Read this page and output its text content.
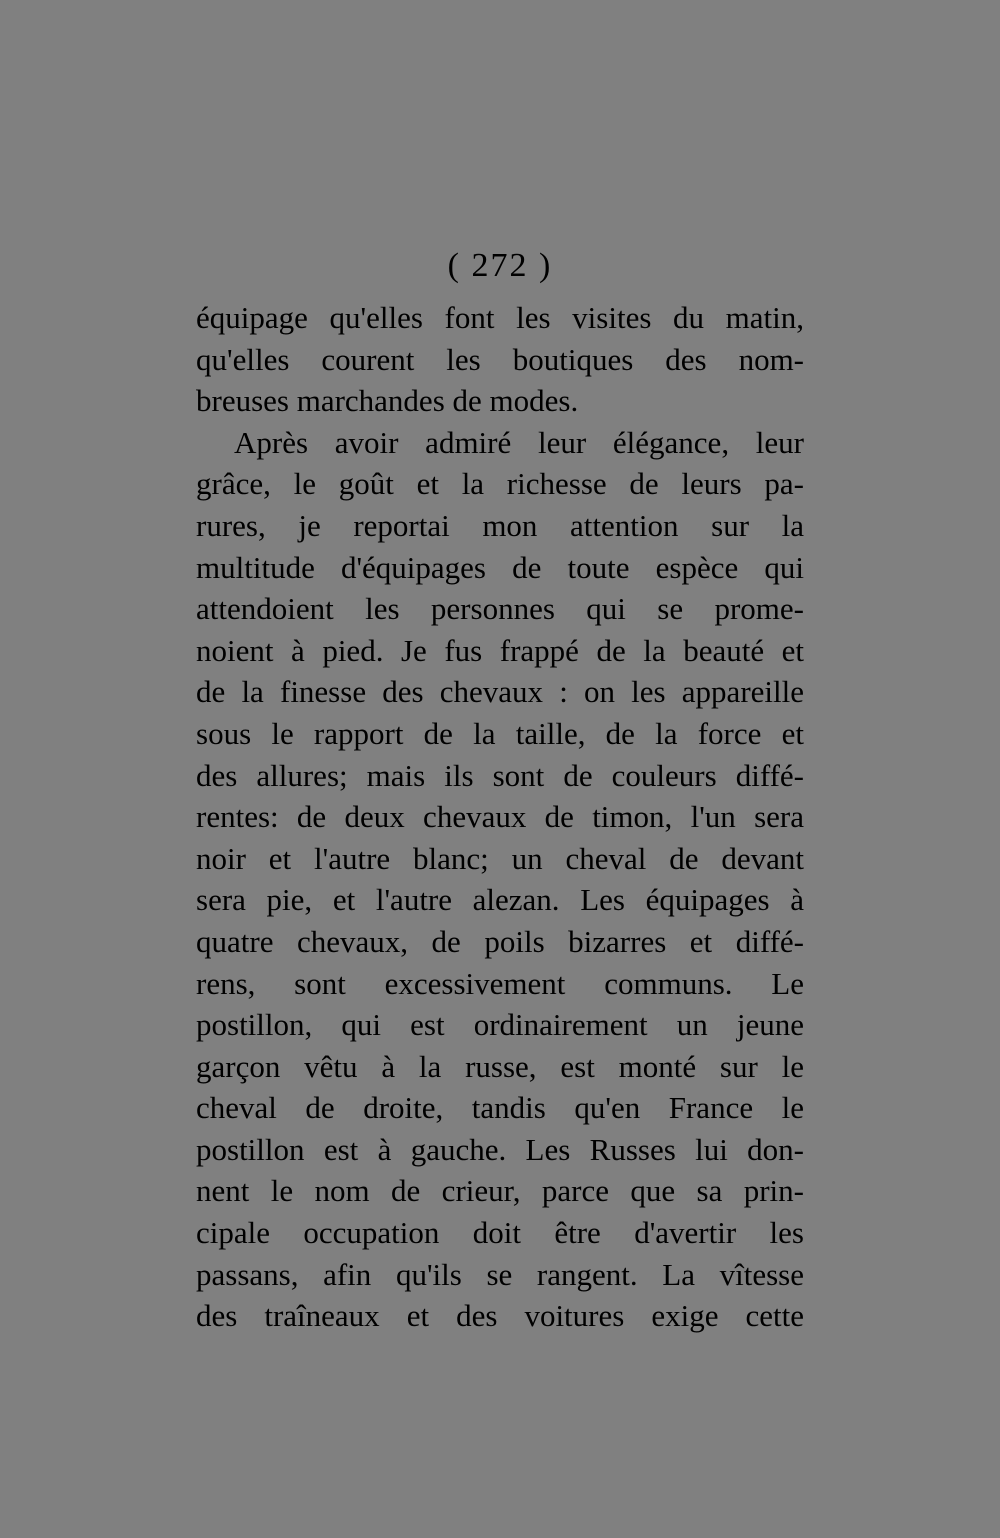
( 272 )
équipage qu'elles font les visites du matin,
qu'elles courent les boutiques des nom-
breuses marchandes de modes.
Après avoir admiré leur élégance, leur
grâce, le goût et la richesse de leurs pa-
rures, je reportai mon attention sur la
multitude d'équipages de toute espèce qui
attendoient les personnes qui se prome-
noient à pied. Je fus frappé de la beauté et
de la finesse des chevaux : on les appareille
sous le rapport de la taille, de la force et
des allures; mais ils sont de couleurs diffé-
rentes: de deux chevaux de timon, l'un sera
noir et l'autre blanc; un cheval de devant
sera pie, et l'autre alezan. Les équipages à
quatre chevaux, de poils bizarres et diffé-
rens, sont excessivement communs. Le
postillon, qui est ordinairement un jeune
garçon vêtu à la russe, est monté sur le
cheval de droite, tandis qu'en France le
postillon est à gauche. Les Russes lui don-
nent le nom de crieur, parce que sa prin-
cipale occupation doit être d'avertir les
passans, afin qu'ils se rangent. La vîtesse
des traîneaux et des voitures exige cette
